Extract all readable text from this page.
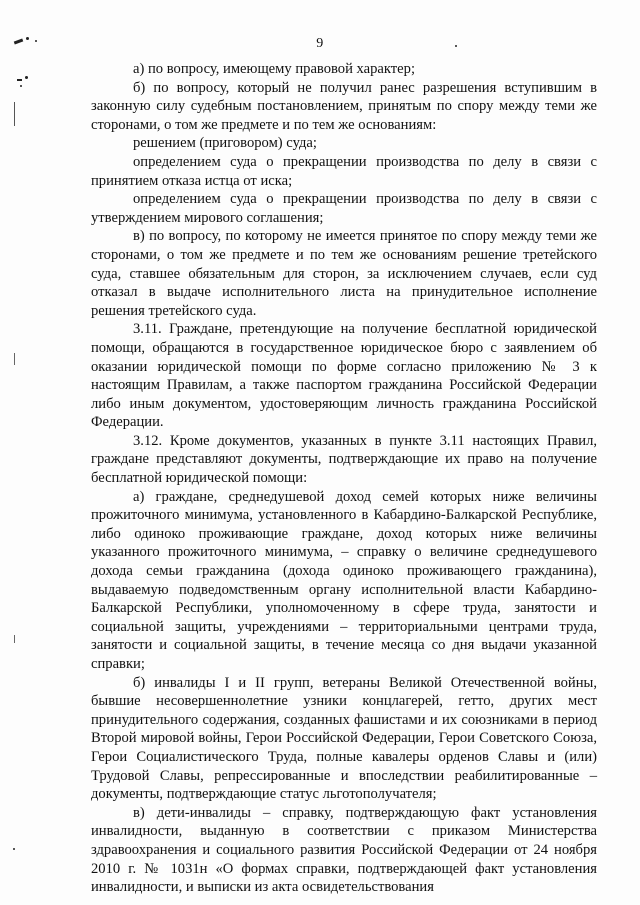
9

а) по вопросу, имеющему правовой характер;

б) по вопросу, который не получил ранес разрешения вступившим в законную силу судебным постановлением, принятым по спору между теми же сторонами, о том же предмете и по тем же основаниям:

решением (приговором) суда;

определением суда о прекращении производства по делу в связи с принятием отказа истца от иска;

определением суда о прекращении производства по делу в связи с утверждением мирового соглашения;

в) по вопросу, по которому не имеется принятое по спору между теми же сторонами, о том же предмете и по тем же основаниям решение третейского суда, ставшее обязательным для сторон, за исключением случаев, если суд отказал в выдаче исполнительного листа на принудительное исполнение решения третейского суда.

3.11. Граждане, претендующие на получение бесплатной юридической помощи, обращаются в государственное юридическое бюро с заявлением об оказании юридической помощи по форме согласно приложению № 3 к настоящим Правилам, а также паспортом гражданина Российской Федерации либо иным документом, удостоверяющим личность гражданина Российской Федерации.

3.12. Кроме документов, указанных в пункте 3.11 настоящих Правил, граждане представляют документы, подтверждающие их право на получение бесплатной юридической помощи:

а) граждане, среднедушевой доход семей которых ниже величины прожиточного минимума, установленного в Кабардино-Балкарской Республике, либо одиноко проживающие граждане, доход которых ниже величины указанного прожиточного минимума, – справку о величине среднедушевого дохода семьи гражданина (дохода одиноко проживающего гражданина), выдаваемую подведомственным органу исполнительной власти Кабардино-Балкарской Республики, уполномоченному в сфере труда, занятости и социальной защиты, учреждениями – территориальными центрами труда, занятости и социальной защиты, в течение месяца со дня выдачи указанной справки;

б) инвалиды I и II групп, ветераны Великой Отечественной войны, бывшие несовершеннолетние узники концлагерей, гетто, других мест принудительного содержания, созданных фашистами и их союзниками в период Второй мировой войны, Герои Российской Федерации, Герои Советского Союза, Герои Социалистического Труда, полные кавалеры орденов Славы и (или) Трудовой Славы, репрессированные и впоследствии реабилитированные – документы, подтверждающие статус льготополучателя;

в) дети-инвалиды – справку, подтверждающую факт установления инвалидности, выданную в соответствии с приказом Министерства здравоохранения и социального развития Российской Федерации от 24 ноября 2010 г. № 1031н «О формах справки, подтверждающей факт установления инвалидности, и выписки из акта освидетельствования
